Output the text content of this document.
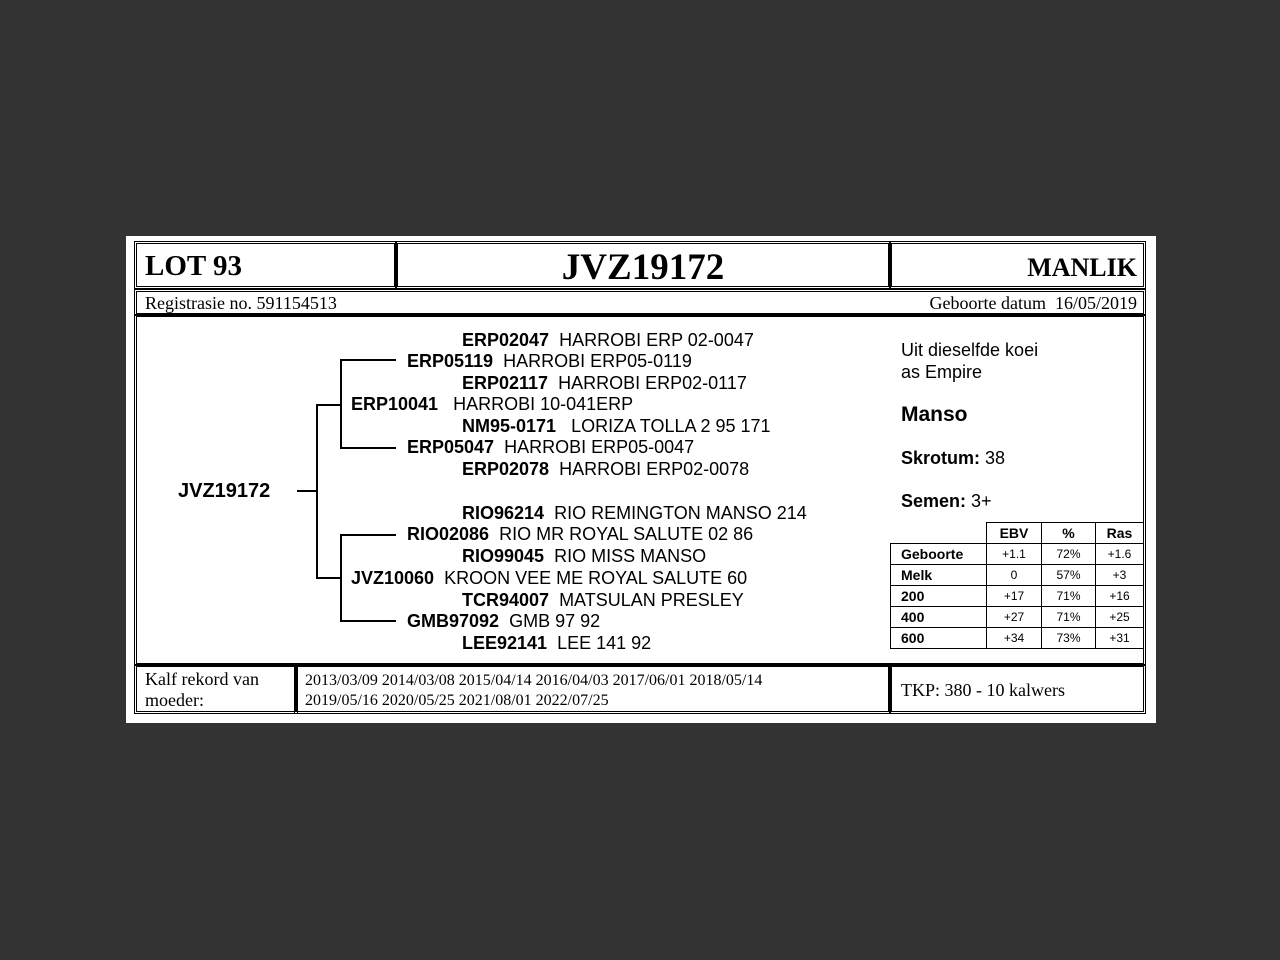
LOT 93	JVZ19172	MANLIK
Registrasie no. 591154513	Geboorte datum 16/05/2019
JVZ19172
ERP10041 HARROBI 10-041ERP
ERP05119 HARROBI ERP05-0119
ERP02047 HARROBI ERP 02-0047
ERP02117 HARROBI ERP02-0117
NM95-0171 LORIZA TOLLA 2 95 171
ERP05047 HARROBI ERP05-0047
ERP02078 HARROBI ERP02-0078
RIO96214 RIO REMINGTON MANSO 214
RIO02086 RIO MR ROYAL SALUTE 02 86
RIO99045 RIO MISS MANSO
JVZ10060 KROON VEE ME ROYAL SALUTE 60
TCR94007 MATSULAN PRESLEY
GMB97092 GMB 97 92
LEE92141 LEE 141 92
Uit dieselfde koei
as Empire
Manso
Skrotum: 38
Semen: 3+
	EBV	%	Ras
Geboorte	+1.1	72%	+1.6
Melk	0	57%	+3
200	+17	71%	+16
400	+27	71%	+25
600	+34	73%	+31
Kalf rekord van
moeder:
2013/03/09 2014/03/08 2015/04/14 2016/04/03 2017/06/01 2018/05/14
2019/05/16 2020/05/25 2021/08/01 2022/07/25
TKP: 380 - 10 kalwers
